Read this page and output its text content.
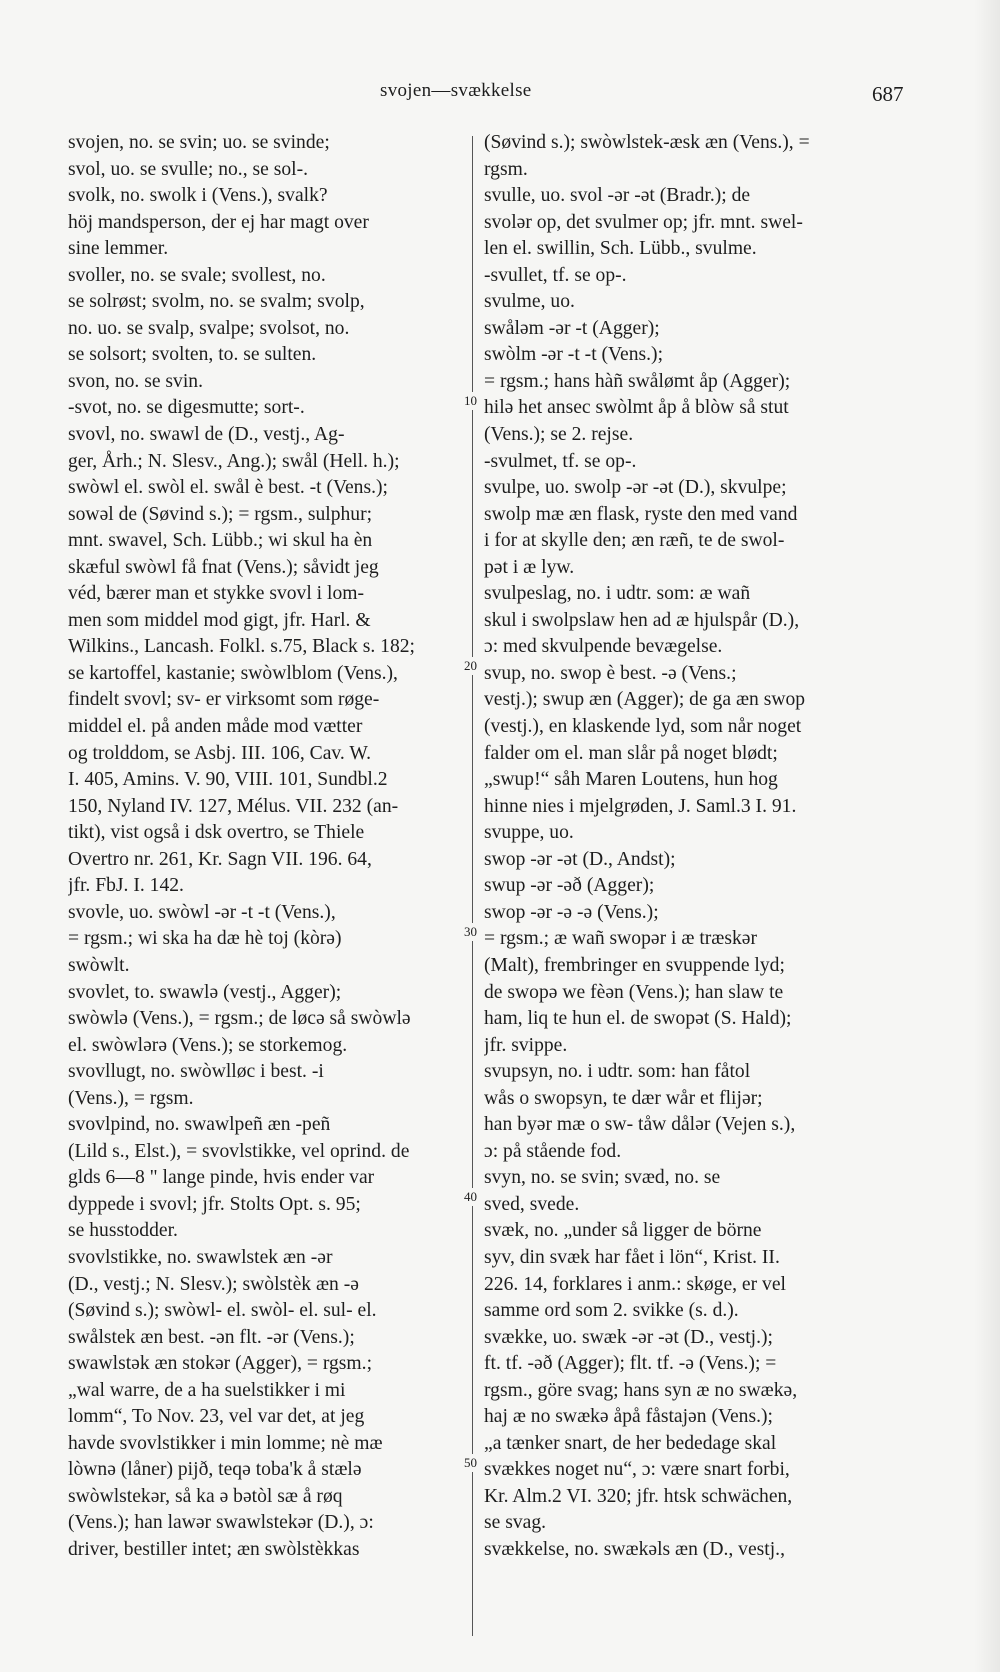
svojen—svækkelse	687
svojen, no. se svin; uo. se svinde;
svol, uo. se svulle; no., se sol-.
svolk, no. swolk i (Vens.), svalk?
höj mandsperson, der ej har magt over
sine lemmer.
svoller, no. se svale; svollest, no.
se solrøst; svolm, no. se svalm; svolp,
no. uo. se svalp, svalpe; svolsot, no.
se solsort; svolten, to. se sulten.
svon, no. se svin.
-svot, no. se digesmutte; sort-.
svovl, no. swawl de (D., vestj., Ag-
ger, Årh.; N. Slesv., Ang.); swål (Hell. h.);
swòwl el. swòl el. swål è best. -t (Vens.);
sowəl de (Søvind s.); = rgsm., sulphur;
mnt. swavel, Sch. Lübb.; wi skul ha èn
skæful swòwl få fnat (Vens.); såvidt jeg
véd, bærer man et stykke svovl i lom-
men som middel mod gigt, jfr. Harl. &
Wilkins., Lancash. Folkl. s.75, Black s. 182;
se kartoffel, kastanie; swòwlblom (Vens.),
findelt svovl; sv- er virksomt som røge-
middel el. på anden måde mod vætter
og trolddom, se Asbj. III. 106, Cav. W.
I. 405, Amins. V. 90, VIII. 101, Sundbl.2
150, Nyland IV. 127, Mélus. VII. 232 (an-
tikt), vist også i dsk overtro, se Thiele
Overtro nr. 261, Kr. Sagn VII. 196. 64,
jfr. FbJ. I. 142.
svovle, uo. swòwl -ər -t -t (Vens.),
= rgsm.; wi ska ha dæ hè toj (kòrə)
swòwlt.
svovlet, to. swawlə (vestj., Agger);
swòwlə (Vens.), = rgsm.; de løcə så swòwlə
el. swòwlərə (Vens.); se storkemog.
svovllugt, no. swòwlløc i best. -i
(Vens.), = rgsm.
svovlpind, no. swawlpeñ æn -peñ
(Lild s., Elst.), = svovlstikke, vel oprind. de
glds 6—8 " lange pinde, hvis ender var
dyppede i svovl; jfr. Stolts Opt. s. 95;
se husstodder.
svovlstikke, no. swawlstek æn -ər
(D., vestj.; N. Slesv.); swòlstèk æn -ə
(Søvind s.); swòwl- el. swòl- el. sul- el.
swålstek æn best. -ən flt. -ər (Vens.);
swawlstək æn stokər (Agger), = rgsm.;
„wal warre, de a ha suelstikker i mi
lomm“, To Nov. 23, vel var det, at jeg
havde svovlstikker i min lomme; nè mæ
lòwnə (låner) pijð, teqə toba'k å stælə
swòwlstekər, så ka ə bətòl sæ å røq
(Vens.); han lawər swawlstekər (D.), ɔ:
driver, bestiller intet; æn swòlstèkkas
(Søvind s.); swòwlstek-æsk æn (Vens.), =
rgsm.
svulle, uo. svol -ər -ət (Bradr.); de
svolər op, det svulmer op; jfr. mnt. swel-
len el. swillin, Sch. Lübb., svulme.
-svullet, tf. se op-.
svulme, uo.
swåləm -ər -t (Agger);
swòlm -ər -t -t (Vens.);
= rgsm.; hans hàñ swålømt åp (Agger);
hilə het ansec swòlmt åp å blòw så stut
(Vens.); se 2. rejse.
-svulmet, tf. se op-.
svulpe, uo. swolp -ər -ət (D.), skvulpe;
swolp mæ æn flask, ryste den med vand
i for at skylle den; æn ræñ, te de swol-
pət i æ lyw.
svulpeslag, no. i udtr. som: æ wañ
skul i swolpslaw hen ad æ hjulspår (D.),
ɔ: med skvulpende bevægelse.
svup, no. swop è best. -ə (Vens.;
vestj.); swup æn (Agger); de ga æn swop
(vestj.), en klaskende lyd, som når noget
falder om el. man slår på noget blødt;
„swup!“ såh Maren Loutens, hun hog
hinne nies i mjelgrøden, J. Saml.3 I. 91.
svuppe, uo.
swop -ər -ət (D., Andst);
swup -ər -əð (Agger);
swop -ər -ə -ə (Vens.);
= rgsm.; æ wañ swopər i æ træskər
(Malt), frembringer en svuppende lyd;
de swopə we fèən (Vens.); han slaw te
ham, liq te hun el. de swopət (S. Hald);
jfr. svippe.
svupsyn, no. i udtr. som: han fåtol
wås o swopsyn, te dær wår et flijər;
han byər mæ o sw- tåw dålər (Vejen s.),
ɔ: på stående fod.
svyn, no. se svin; svæd, no. se
sved, svede.
svæk, no. „under så ligger de börne
syv, din svæk har fået i lön“, Krist. II.
226. 14, forklares i anm.: skøge, er vel
samme ord som 2. svikke (s. d.).
svække, uo. swæk -ər -ət (D., vestj.);
ft. tf. -əð (Agger); flt. tf. -ə (Vens.); =
rgsm., göre svag; hans syn æ no swækə,
haj æ no swækə åpå fåstajən (Vens.);
„a tænker snart, de her bededage skal
svækkes noget nu“, ɔ: være snart forbi,
Kr. Alm.2 VI. 320; jfr. htsk schwächen,
se svag.
svækkelse, no. swækəls æn (D., vestj.,
10
20
30
40
50
